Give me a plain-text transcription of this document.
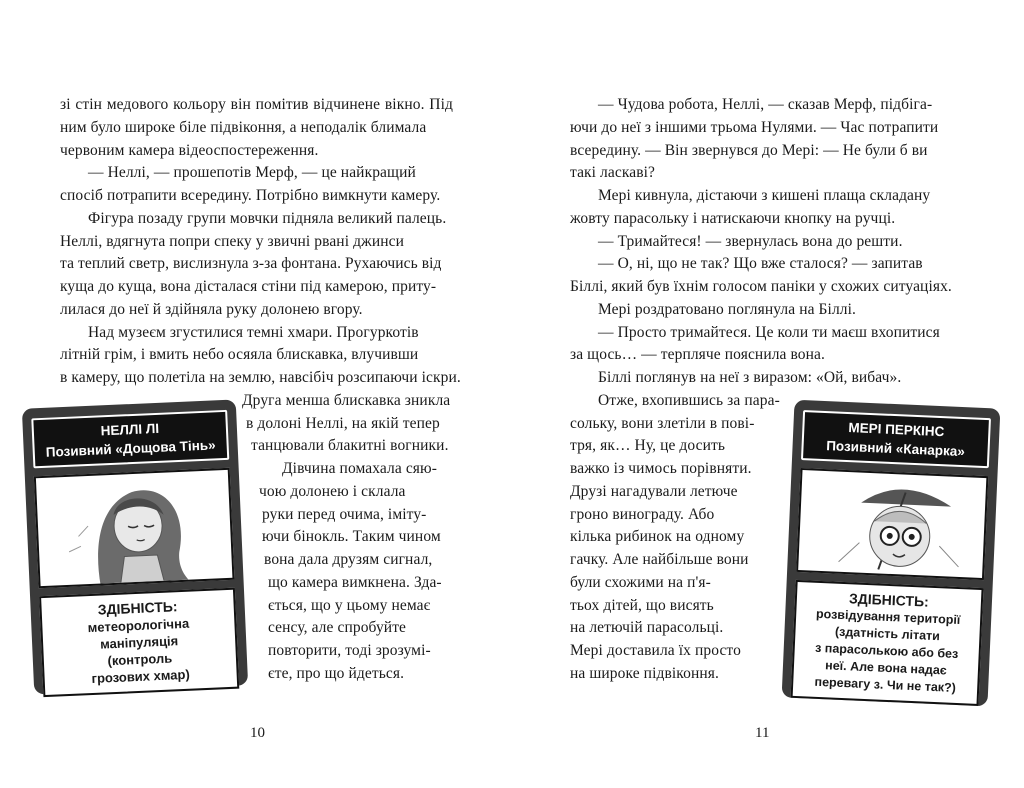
зі стін медового кольору він помітив відчинене вікно. Під
ним було широке біле підвіконня, а неподалік блимала
червоним камера відеоспостереження.
— Неллі, — прошепотів Мерф, — це найкращий
спосіб потрапити всередину. Потрібно вимкнути камеру.
Фігура позаду групи мовчки підняла великий палець.
Неллі, вдягнута попри спеку у звичні рвані джинси
та теплий светр, вислизнула з-за фонтана. Рухаючись від
куща до куща, вона дісталася стіни під камерою, приту-
лилася до неї й здійняла руку долонею вгору.
Над музеєм згустилися темні хмари. Прогуркотів
літній грім, і вмить небо осяяла блискавка, влучивши
в камеру, що полетіла на землю, навсібіч розсипаючи іскри.
Друга менша блискавка зникла
в долоні Неллі, на якій тепер
танцювали блакитні вогники.
Дівчина помахала сяю-
чою долонею і склала
руки перед очима, іміту-
ючи бінокль. Таким чином
вона дала друзям сигнал,
що камера вимкнена. Зда-
ється, що у цьому немає
сенсу, але спробуйте
повторити, тоді зрозумі-
єте, про що йдеться.
10
НЕЛЛІ ЛІ
Позивний «Дощова Тінь»
ЗДІБНІСТЬ:
метеорологічна
маніпуляція
(контроль
грозових хмар)
— Чудова робота, Неллі, — сказав Мерф, підбіга-
ючи до неї з іншими трьома Нулями. — Час потрапити
всередину. — Він звернувся до Мері: — Не були б ви
такі ласкаві?
Мері кивнула, дістаючи з кишені плаща складану
жовту парасольку і натискаючи кнопку на ручці.
— Тримайтеся! — звернулась вона до решти.
— О, ні, що не так? Що вже сталося? — запитав
Біллі, який був їхнім голосом паніки у схожих ситуаціях.
Мері роздратовано поглянула на Біллі.
— Просто тримайтеся. Це коли ти маєш вхопитися
за щось… — терпляче пояснила вона.
Біллі поглянув на неї з виразом: «Ой, вибач».
Отже, вхопившись за пара-
сольку, вони злетіли в пові-
тря, як… Ну, це досить
важко із чимось порівняти.
Друзі нагадували летюче
гроно винограду. Або
кілька рибинок на одному
гачку. Але найбільше вони
були схожими на п'я-
тьох дітей, що висять
на летючій парасольці.
Мері доставила їх просто
на широке підвіконня.
11
МЕРІ ПЕРКІНС
Позивний «Канарка»
ЗДІБНІСТЬ:
розвідування території
(здатність літати
з парасолькою або без
неї. Але вона надає
перевагу з. Чи не так?)
